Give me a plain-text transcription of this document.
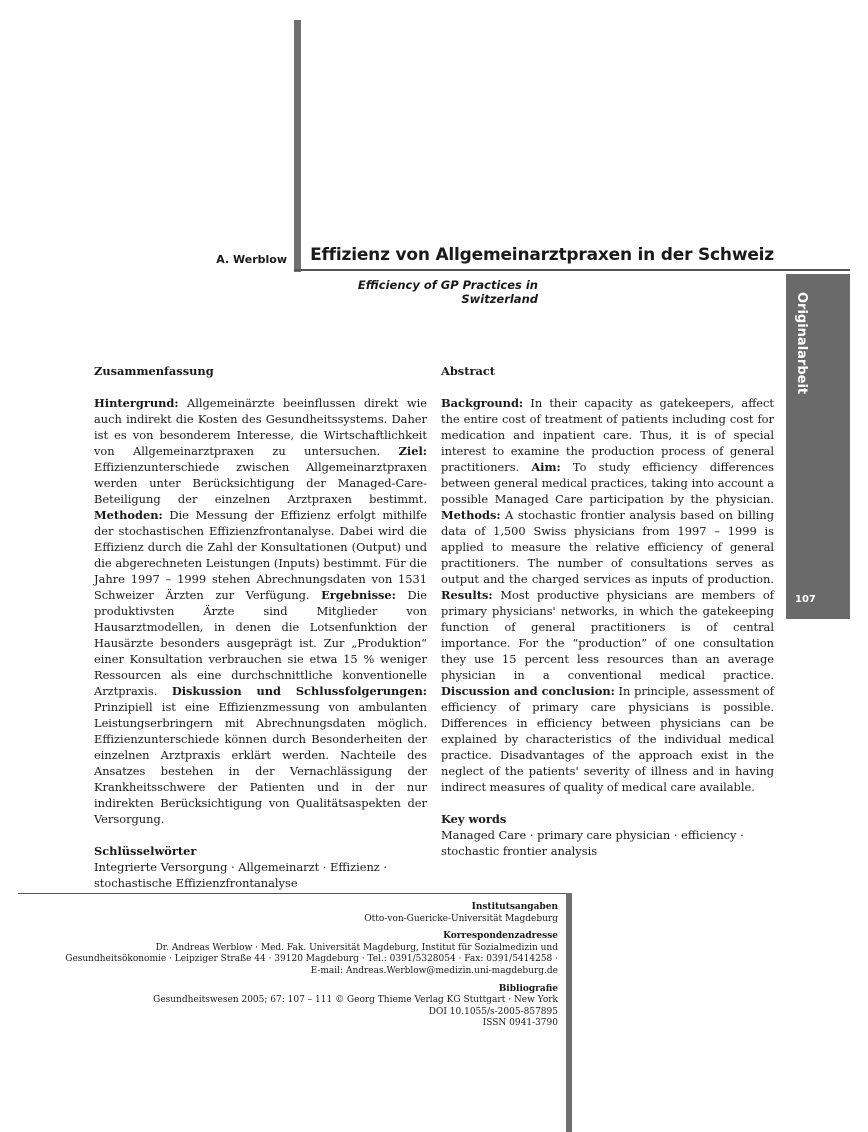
A. Werblow Effizienz von Allgemeinarztpraxen in der Schweiz
Efficiency of GP Practices in Switzerland	Originalarbeit
107
Zusammenfassung

Hintergrund: Allgemeinärzte beeinflussen direkt wie auch indirekt die Kosten des Gesundheitssystems. Daher ist es von besonderem Interesse, die Wirtschaftlichkeit von Allgemeinarztpraxen zu untersuchen. Ziel: Effizienzunterschiede zwischen Allgemeinarztpraxen werden unter Berücksichtigung der Managed-Care-Beteiligung der einzelnen Arztpraxen bestimmt. Methoden: Die Messung der Effizienz erfolgt mithilfe der stochastischen Effizienzfrontanalyse. Dabei wird die Effizienz durch die Zahl der Konsultationen (Output) und die abgerechneten Leistungen (Inputs) bestimmt. Für die Jahre 1997 – 1999 stehen Abrechnungsdaten von 1531 Schweizer Ärzten zur Verfügung. Ergebnisse: Die produktivsten Ärzte sind Mitglieder von Hausarztmodellen, in denen die Lotsenfunktion der Hausärzte besonders ausgeprägt ist. Zur „Produktion“ einer Konsultation verbrauchen sie etwa 15 % weniger Ressourcen als eine durchschnittliche konventionelle Arztpraxis. Diskussion und Schlussfolgerungen: Prinzipiell ist eine Effizienzmessung von ambulanten Leistungserbringern mit Abrechnungsdaten möglich. Effizienzunterschiede können durch Besonderheiten der einzelnen Arztpraxis erklärt werden. Nachteile des Ansatzes bestehen in der Vernachlässigung der Krankheitsschwere der Patienten und in der nur indirekten Berücksichtigung von Qualitätsaspekten der Versorgung.

Schlüsselwörter

Integrierte Versorgung · Allgemeinarzt · Effizienz · stochastische Effizienzfrontanalyse

Abstract

Background: In their capacity as gatekeepers, affect the entire cost of treatment of patients including cost for medication and inpatient care. Thus, it is of special interest to examine the production process of general practitioners. Aim: To study efficiency differences between general medical practices, taking into account a possible Managed Care participation by the physician. Methods: A stochastic frontier analysis based on billing data of 1,500 Swiss physicians from 1997 – 1999 is applied to measure the relative efficiency of general practitioners. The number of consultations serves as output and the charged services as inputs of production. Results: Most productive physicians are members of primary physicians' networks, in which the gatekeeping function of general practitioners is of central importance. For the “production” of one consultation they use 15 percent less resources than an average physician in a conventional medical practice. Discussion and conclusion: In principle, assessment of efficiency of primary care physicians is possible. Differences in efficiency between physicians can be explained by characteristics of the individual medical practice. Disadvantages of the approach exist in the neglect of the patients' severity of illness and in having indirect measures of quality of medical care available.

Key words

Managed Care · primary care physician · efficiency · stochastic frontier analysis

Institutsangaben
Otto-von-Guericke-Universität Magdeburg
Korrespondenzadresse
Dr. Andreas Werblow · Med. Fak. Universität Magdeburg, Institut für Sozialmedizin und
Gesundheitsökonomie · Leipziger Straße 44 · 39120 Magdeburg · Tel.: 0391/5328054 · Fax: 0391/5414258 ·
E-mail: Andreas.Werblow@medizin.uni-magdeburg.de
Bibliografie
Gesundheitswesen 2005; 67: 107 – 111 © Georg Thieme Verlag KG Stuttgart · New York
DOI 10.1055/s-2005-857895
ISSN 0941-3790
